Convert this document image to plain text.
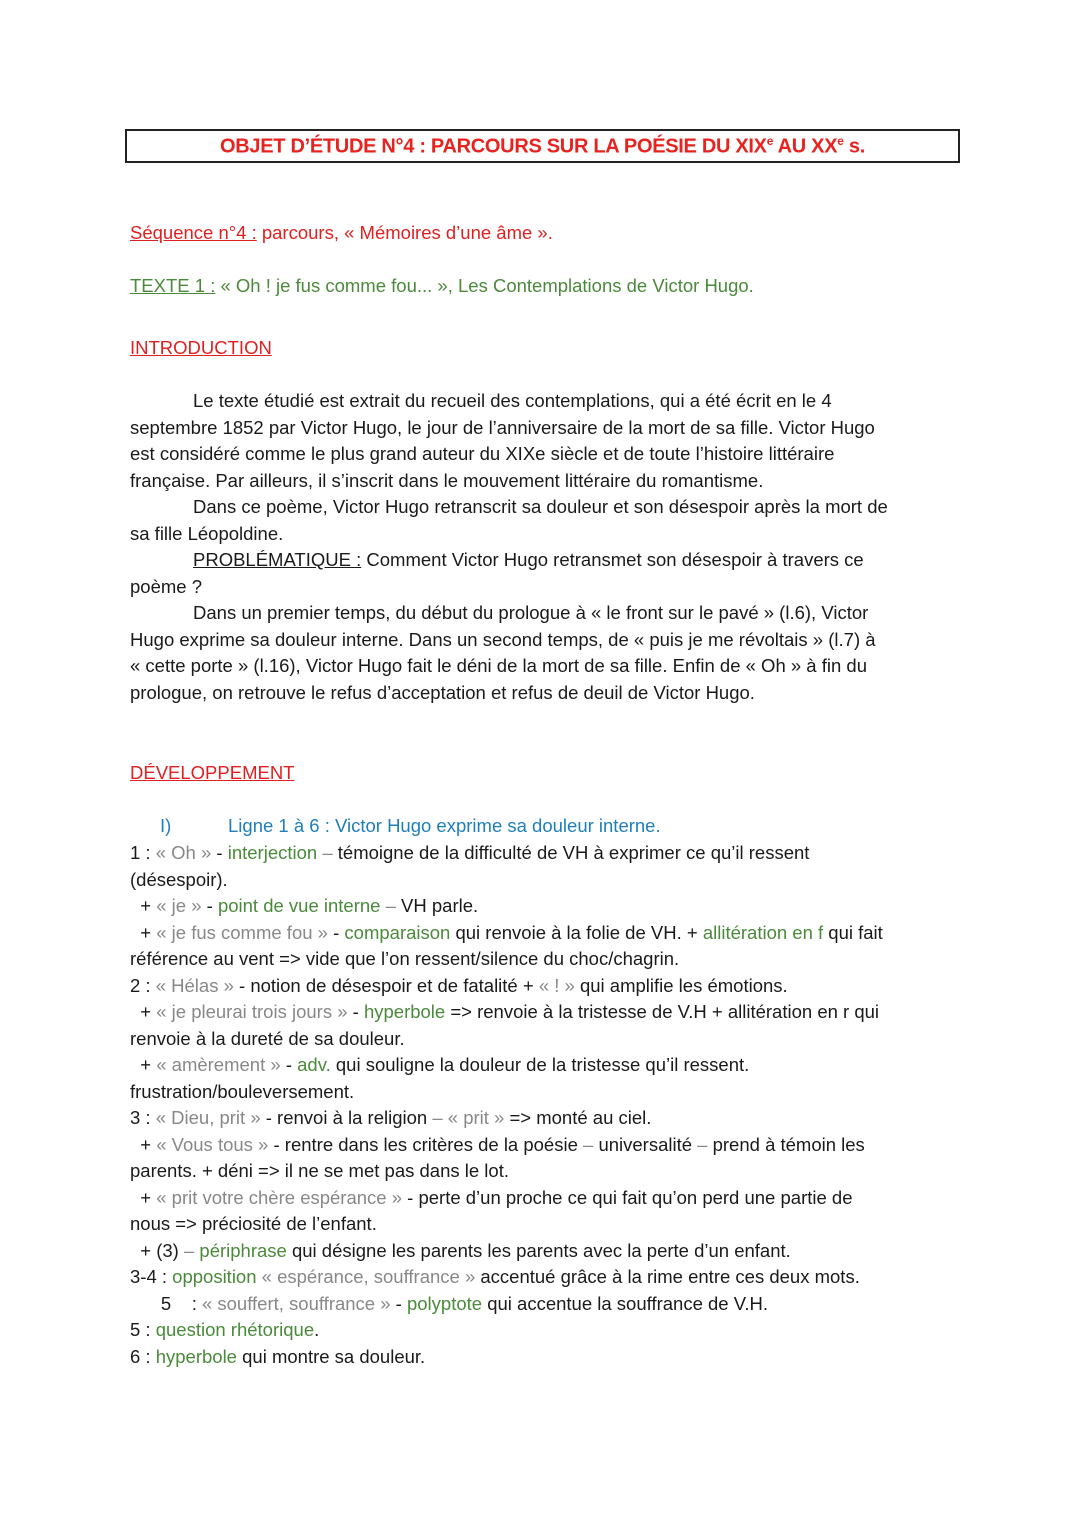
OBJET D’ÉTUDE N°4 : PARCOURS SUR LA POÉSIE DU XIXe AU XXe s.
Séquence n°4 : parcours, « Mémoires d’une âme ».
TEXTE 1 : « Oh ! je fus comme fou... », Les Contemplations de Victor Hugo.
INTRODUCTION
Le texte étudié est extrait du recueil des contemplations, qui a été écrit en le 4
septembre 1852 par Victor Hugo, le jour de l’anniversaire de la mort de sa fille. Victor Hugo
est considéré comme le plus grand auteur du XIXe siècle et de toute l’histoire littéraire
française. Par ailleurs, il s’inscrit dans le mouvement littéraire du romantisme.
Dans ce poème, Victor Hugo retranscrit sa douleur et son désespoir après la mort de
sa fille Léopoldine.
PROBLÉMATIQUE : Comment Victor Hugo retransmet son désespoir à travers ce
poème ?
Dans un premier temps, du début du prologue à « le front sur le pavé » (l.6), Victor
Hugo exprime sa douleur interne. Dans un second temps, de « puis je me révoltais » (l.7) à
« cette porte » (l.16), Victor Hugo fait le déni de la mort de sa fille. Enfin de « Oh » à fin du
prologue, on retrouve le refus d’acceptation et refus de deuil de Victor Hugo.
DÉVELOPPEMENT
I)	Ligne 1 à 6 : Victor Hugo exprime sa douleur interne.
1 : « Oh » - interjection – témoigne de la difficulté de VH à exprimer ce qu’il ressent
(désespoir).
+ « je » - point de vue interne – VH parle.
+ « je fus comme fou » - comparaison qui renvoie à la folie de VH. + allitération en f qui fait
référence au vent => vide que l’on ressent/silence du choc/chagrin.
2 : « Hélas » - notion de désespoir et de fatalité + « ! » qui amplifie les émotions.
+ « je pleurai trois jours » - hyperbole => renvoie à la tristesse de V.H + allitération en r qui
renvoie à la dureté de sa douleur.
+ « amèrement » - adv. qui souligne la douleur de la tristesse qu’il ressent.
frustration/bouleversement.
3 : « Dieu, prit » - renvoi à la religion – « prit » => monté au ciel.
+ « Vous tous » - rentre dans les critères de la poésie – universalité – prend à témoin les
parents. + déni => il ne se met pas dans le lot.
+ « prit votre chère espérance » - perte d’un proche ce qui fait qu’on perd une partie de
nous => préciosité de l’enfant.
+ (3) – périphrase qui désigne les parents les parents avec la perte d’un enfant.
3-4 : opposition « espérance, souffrance » accentué grâce à la rime entre ces deux mots.
5    : « souffert, souffrance » - polyptote qui accentue la souffrance de V.H.
5 : question rhétorique.
6 : hyperbole qui montre sa douleur.
